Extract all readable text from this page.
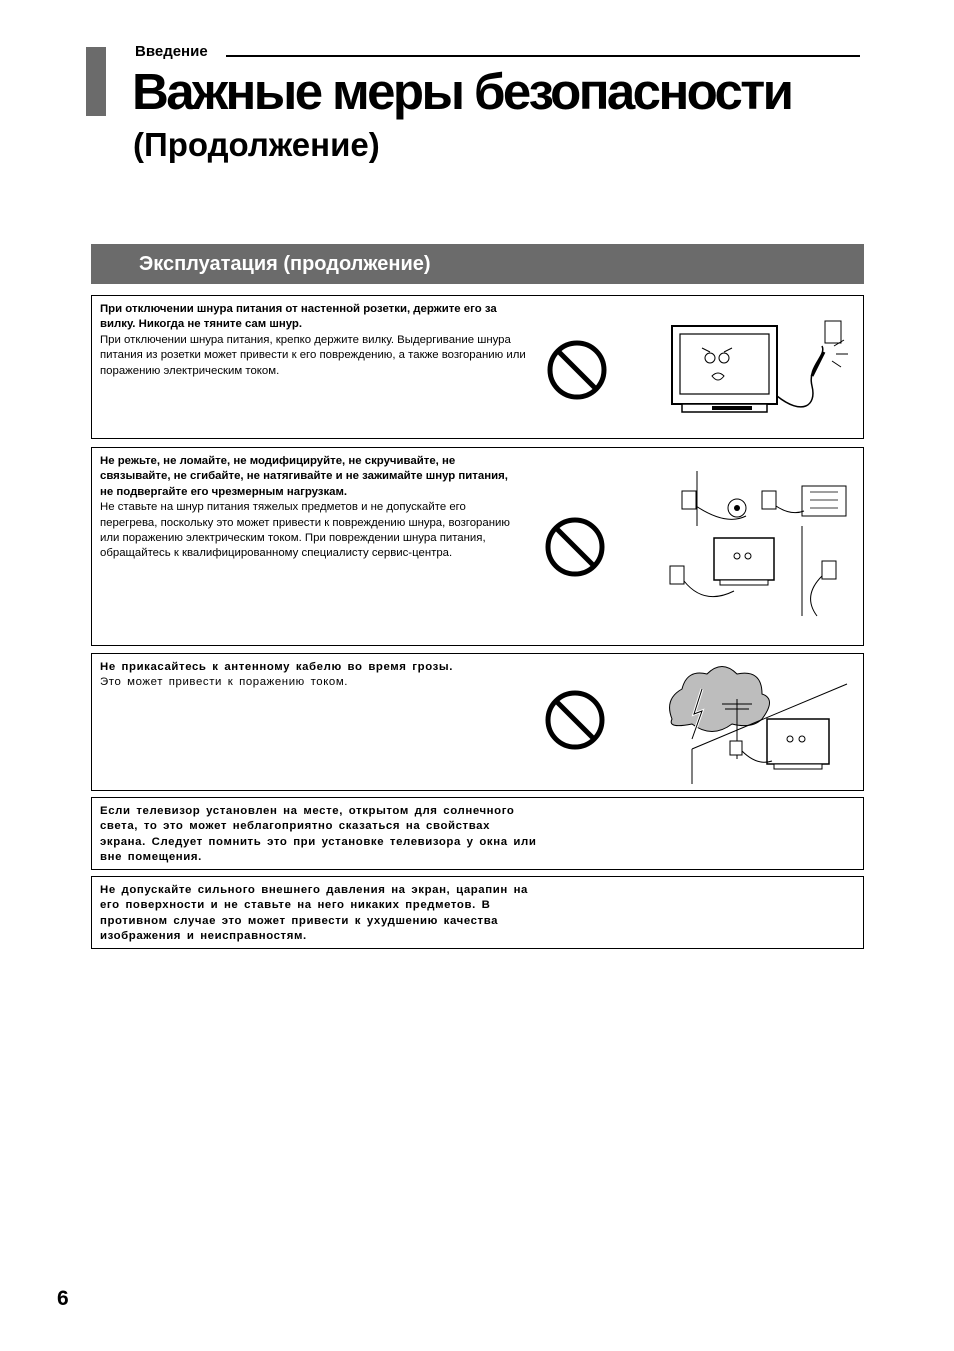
Введение
Важные меры безопасности
(Продолжение)
Эксплуатация (продолжение)
При отключении шнура питания от настенной розетки, держите его за вилку. Никогда не тяните сам шнур.
При отключении шнура питания, крепко держите вилку. Выдергивание шнура питания из розетки может привести к его повреждению, а также возгоранию или поражению электрическим током.
Не режьте, не ломайте, не модифицируйте, не скручивайте, не связывайте, не сгибайте, не натягивайте и не зажимайте шнур питания, не подвергайте его чрезмерным нагрузкам.
Не ставьте на шнур питания тяжелых предметов и не допускайте его перегрева, поскольку это может привести к повреждению шнура, возгоранию или поражению электрическим током. При повреждении шнура питания, обращайтесь к квалифицированному специалисту сервис-центра.
Не прикасайтесь к антенному кабелю во время грозы.
Это может привести к поражению током.
Если телевизор установлен на месте, открытом для солнечного света, то это может неблагоприятно сказаться на свойствах экрана. Следует помнить это при установке телевизора у окна или вне помещения.
Не допускайте сильного внешнего давления на экран, царапин на его поверхности и не ставьте на него никаких предметов. В противном случае это может привести к ухудшению качества изображения и неисправностям.
6
